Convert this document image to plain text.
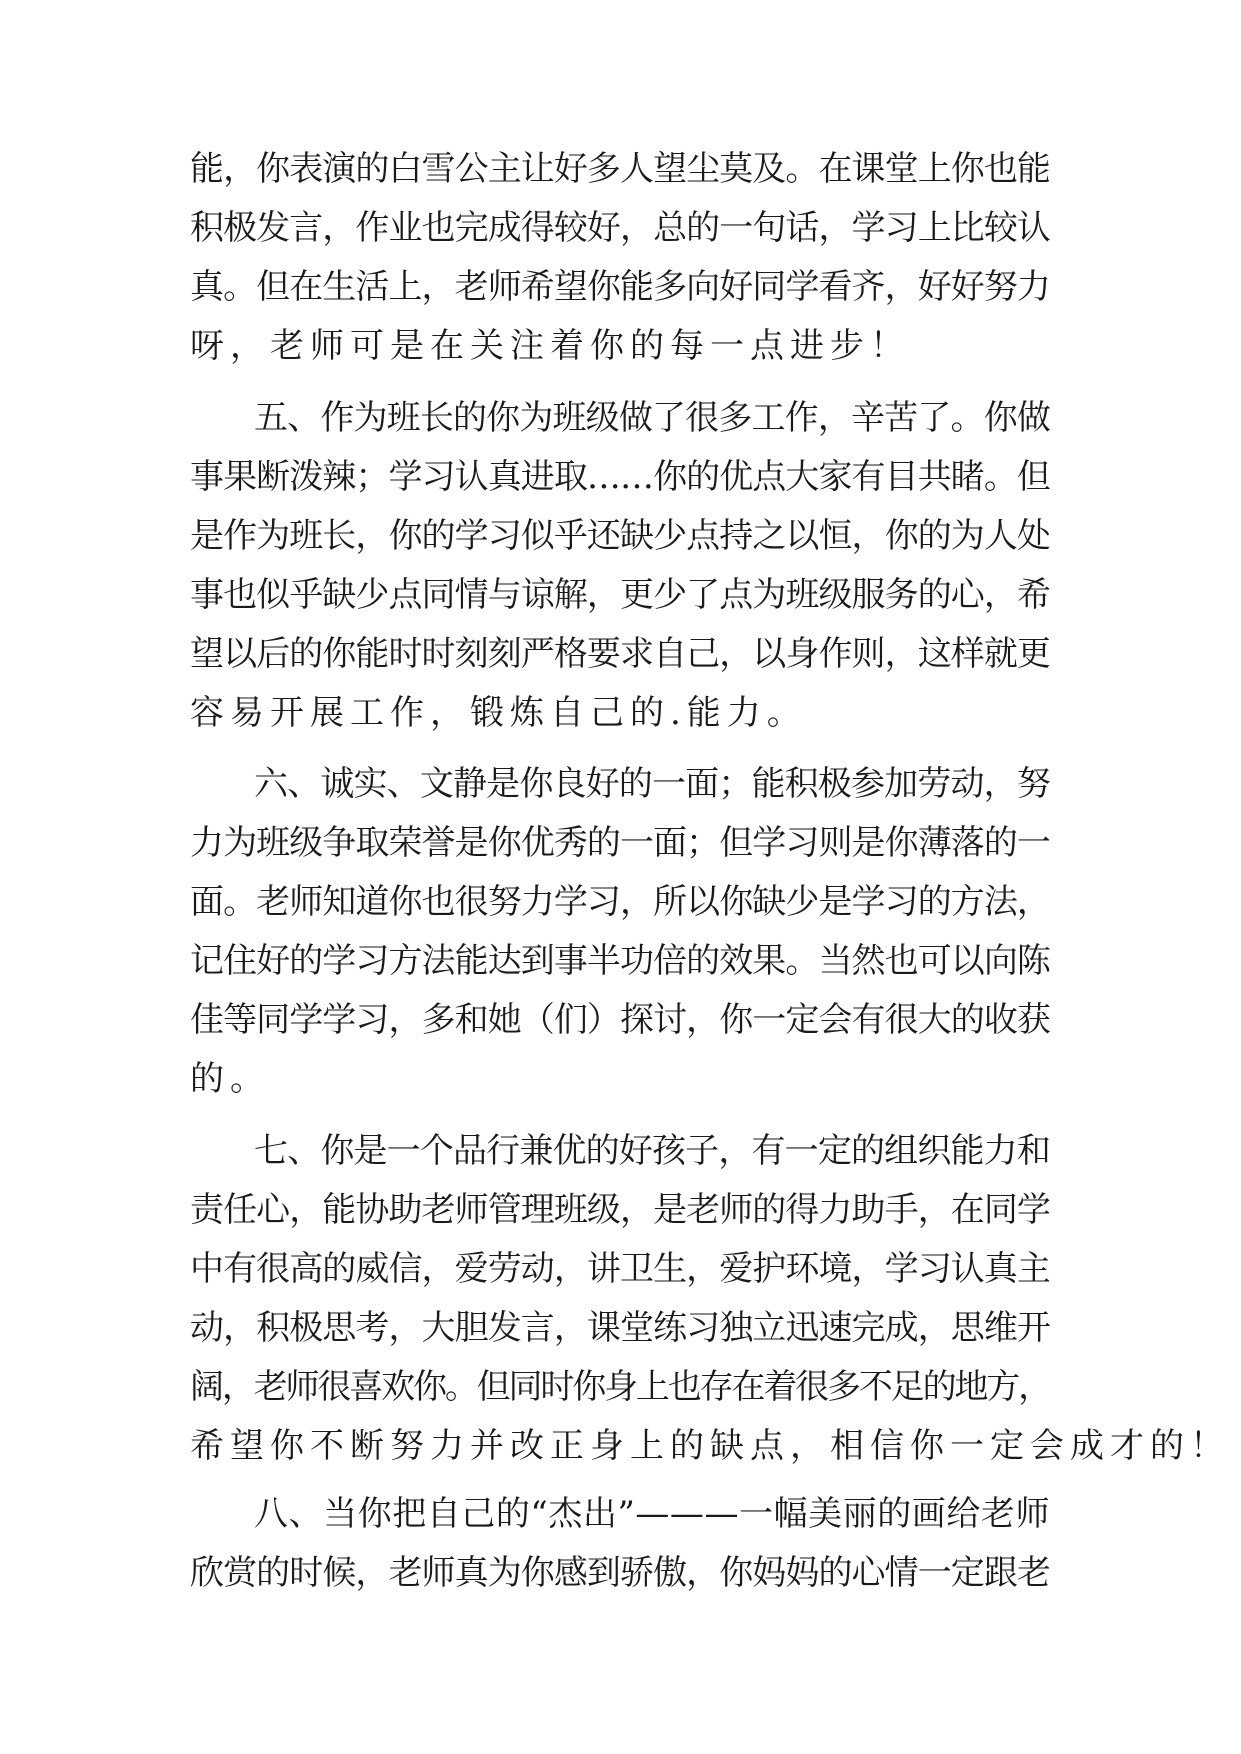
能，你表演的白雪公主让好多人望尘莫及。在课堂上你也能
积极发言，作业也完成得较好，总的一句话，学习上比较认
真。但在生活上，老师希望你能多向好同学看齐，好好努力
呀，老师可是在关注着你的每一点进步！
五、作为班长的你为班级做了很多工作，辛苦了。你做
事果断泼辣；学习认真进取……你的优点大家有目共睹。但
是作为班长，你的学习似乎还缺少点持之以恒，你的为人处
事也似乎缺少点同情与谅解，更少了点为班级服务的心，希
望以后的你能时时刻刻严格要求自己，以身作则，这样就更
容易开展工作，锻炼自己的.能力。
六、诚实、文静是你良好的一面；能积极参加劳动，努
力为班级争取荣誉是你优秀的一面；但学习则是你薄落的一
面。老师知道你也很努力学习，所以你缺少是学习的方法，
记住好的学习方法能达到事半功倍的效果。当然也可以向陈
佳等同学学习，多和她（们）探讨，你一定会有很大的收获
的。
七、你是一个品行兼优的好孩子，有一定的组织能力和
责任心，能协助老师管理班级，是老师的得力助手，在同学
中有很高的威信，爱劳动，讲卫生，爱护环境，学习认真主
动，积极思考，大胆发言，课堂练习独立迅速完成，思维开
阔，老师很喜欢你。但同时你身上也存在着很多不足的地方，
希望你不断努力并改正身上的缺点，相信你一定会成才的！
八、当你把自己的“杰出”———一幅美丽的画给老师
欣赏的时候，老师真为你感到骄傲，你妈妈的心情一定跟老
